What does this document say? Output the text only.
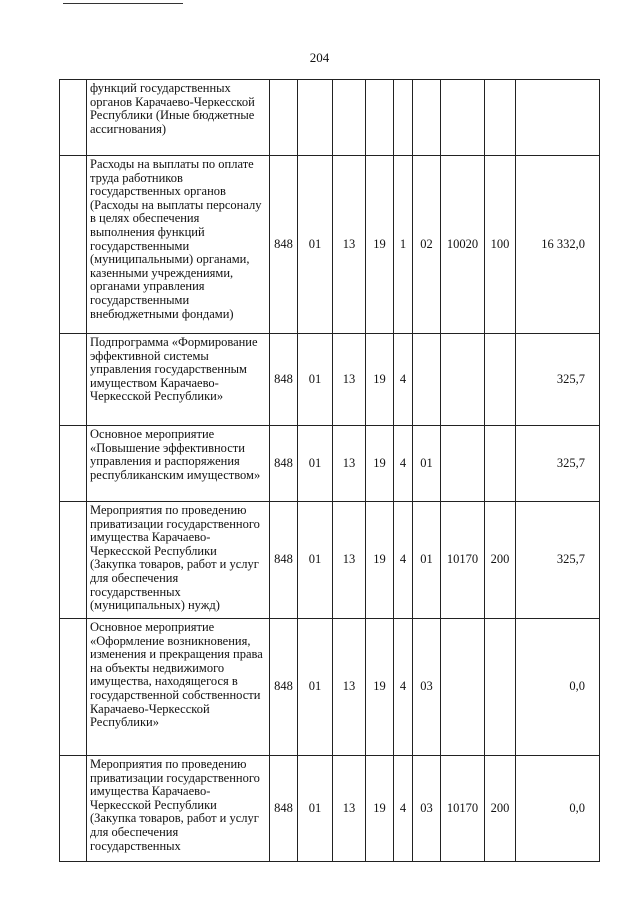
204
	функций государственных органов Карачаево-Черкесской Республики (Иные бюджетные ассигнования)									
	Расходы на выплаты по оплате труда работников государственных органов (Расходы на выплаты персоналу в целях обеспечения выполнения функций государственными (муниципальными) органами, казенными учреждениями, органами управления государственными внебюджетными фондами)	848	01	13	19	1	02	10020	100	16 332,0
	Подпрограмма «Формирование эффективной системы управления государственным имуществом Карачаево-Черкесской Республики»	848	01	13	19	4				325,7
	Основное мероприятие «Повышение эффективности управления и распоряжения республиканским имуществом»	848	01	13	19	4	01			325,7
	Мероприятия по проведению приватизации государственного имущества Карачаево-Черкесской Республики (Закупка товаров, работ и услуг для обеспечения государственных (муниципальных) нужд)	848	01	13	19	4	01	10170	200	325,7
	Основное мероприятие «Оформление возникновения, изменения и прекращения права на объекты недвижимого имущества, находящегося в государственной собственности Карачаево-Черкесской Республики»	848	01	13	19	4	03			0,0
	Мероприятия по проведению приватизации государственного имущества Карачаево-Черкесской Республики (Закупка товаров, работ и услуг для обеспечения государственных	848	01	13	19	4	03	10170	200	0,0
